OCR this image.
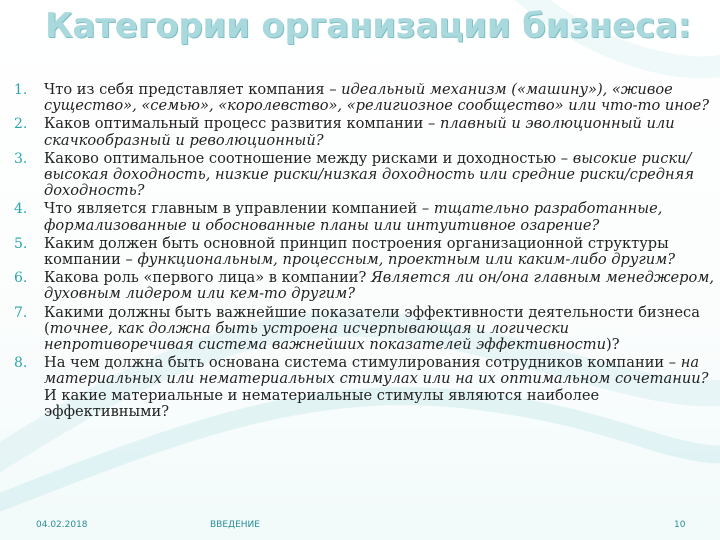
Категории организации бизнеса:
1. Что из себя представляет компания – идеальный механизм («машину»), «живое существо», «семью», «королевство», «религиозное сообщество» или что-то иное?
2. Каков оптимальный процесс развития компании – плавный и эволюционный или скачкообразный и революционный?
3. Каково оптимальное соотношение между рисками и доходностью – высокие риски/высокая доходность, низкие риски/низкая доходность или средние риски/средняя доходность?
4. Что является главным в управлении компанией – тщательно разработанные, формализованные и обоснованные планы или интуитивное озарение?
5. Каким должен быть основной принцип построения организационной структуры компании – функциональным, процессным, проектным или каким-либо другим?
6. Какова роль «первого лица» в компании? Является ли он/она главным менеджером, духовным лидером или кем-то другим?
7. Какими должны быть важнейшие показатели эффективности деятельности бизнеса (точнее, как должна быть устроена исчерпывающая и логически непротиворечивая система важнейших показателей эффективности)?
8. На чем должна быть основана система стимулирования сотрудников компании – на материальных или нематериальных стимулах или на их оптимальном сочетании? И какие материальные и нематериальные стимулы являются наиболее эффективными?
04.02.2018	ВВЕДЕНИЕ	10
